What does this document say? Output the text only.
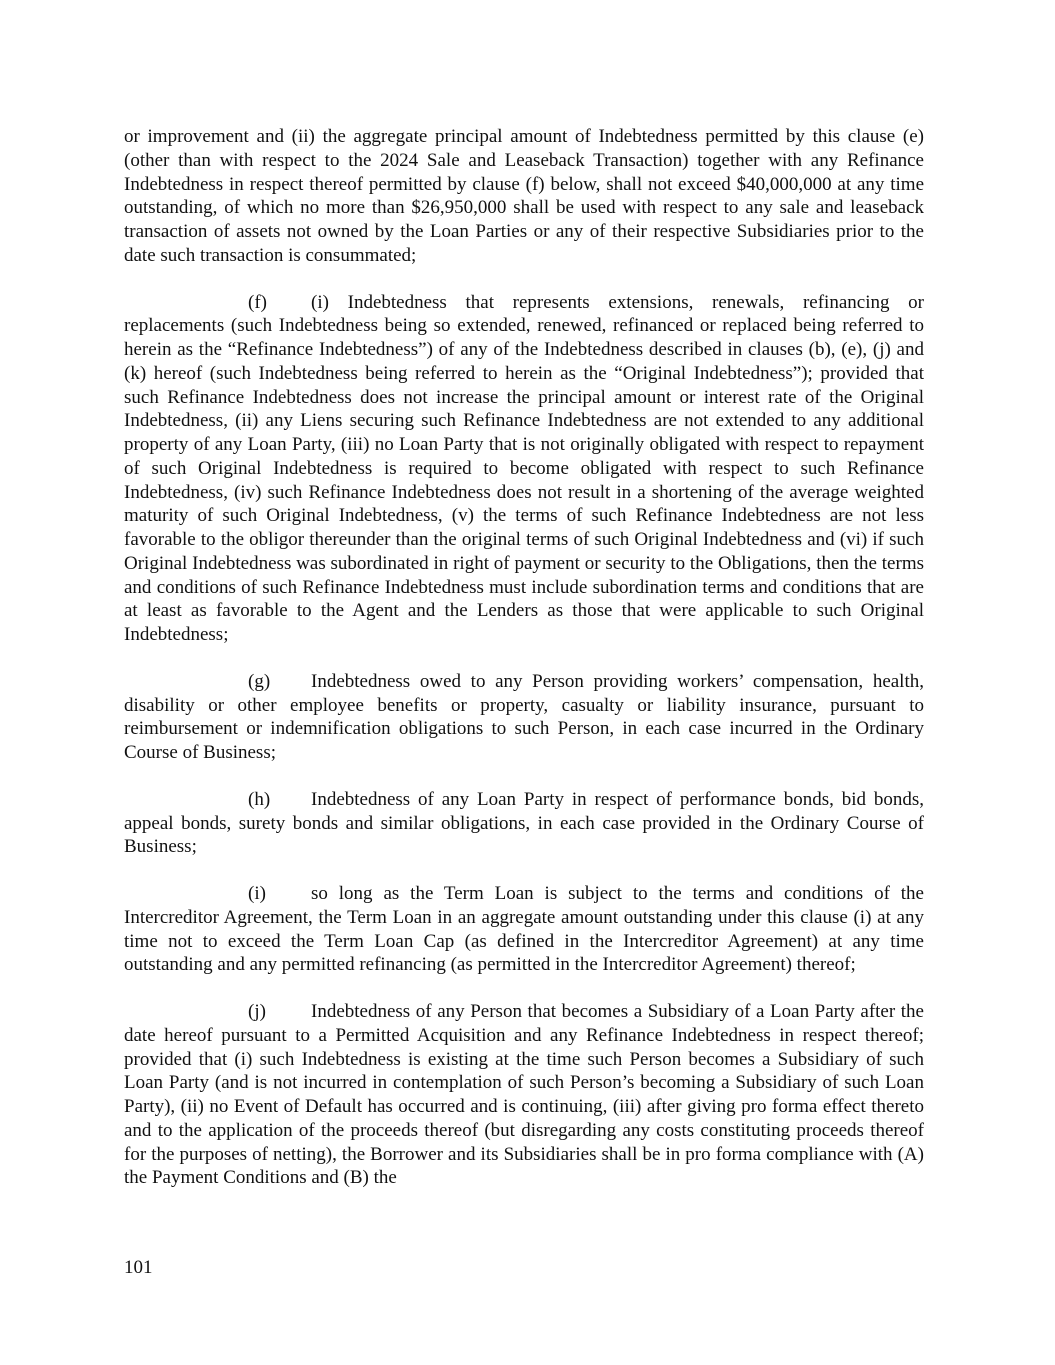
or improvement and (ii) the aggregate principal amount of Indebtedness permitted by this clause (e) (other than with respect to the 2024 Sale and Leaseback Transaction) together with any Refinance Indebtedness in respect thereof permitted by clause (f) below, shall not exceed $40,000,000 at any time outstanding, of which no more than $26,950,000 shall be used with respect to any sale and leaseback transaction of assets not owned by the Loan Parties or any of their respective Subsidiaries prior to the date such transaction is consummated;

(f) (i) Indebtedness that represents extensions, renewals, refinancing or replacements (such Indebtedness being so extended, renewed, refinanced or replaced being referred to herein as the “Refinance Indebtedness”) of any of the Indebtedness described in clauses (b), (e), (j) and (k) hereof (such Indebtedness being referred to herein as the “Original Indebtedness”); provided that such Refinance Indebtedness does not increase the principal amount or interest rate of the Original Indebtedness, (ii) any Liens securing such Refinance Indebtedness are not extended to any additional property of any Loan Party, (iii) no Loan Party that is not originally obligated with respect to repayment of such Original Indebtedness is required to become obligated with respect to such Refinance Indebtedness, (iv) such Refinance Indebtedness does not result in a shortening of the average weighted maturity of such Original Indebtedness, (v) the terms of such Refinance Indebtedness are not less favorable to the obligor thereunder than the original terms of such Original Indebtedness and (vi) if such Original Indebtedness was subordinated in right of payment or security to the Obligations, then the terms and conditions of such Refinance Indebtedness must include subordination terms and conditions that are at least as favorable to the Agent and the Lenders as those that were applicable to such Original Indebtedness;

(g) Indebtedness owed to any Person providing workers’ compensation, health, disability or other employee benefits or property, casualty or liability insurance, pursuant to reimbursement or indemnification obligations to such Person, in each case incurred in the Ordinary Course of Business;

(h) Indebtedness of any Loan Party in respect of performance bonds, bid bonds, appeal bonds, surety bonds and similar obligations, in each case provided in the Ordinary Course of Business;

(i) so long as the Term Loan is subject to the terms and conditions of the Intercreditor Agreement, the Term Loan in an aggregate amount outstanding under this clause (i) at any time not to exceed the Term Loan Cap (as defined in the Intercreditor Agreement) at any time outstanding and any permitted refinancing (as permitted in the Intercreditor Agreement) thereof;

(j) Indebtedness of any Person that becomes a Subsidiary of a Loan Party after the date hereof pursuant to a Permitted Acquisition and any Refinance Indebtedness in respect thereof; provided that (i) such Indebtedness is existing at the time such Person becomes a Subsidiary of such Loan Party (and is not incurred in contemplation of such Person’s becoming a Subsidiary of such Loan Party), (ii) no Event of Default has occurred and is continuing, (iii) after giving pro forma effect thereto and to the application of the proceeds thereof (but disregarding any costs constituting proceeds thereof for the purposes of netting), the Borrower and its Subsidiaries shall be in pro forma compliance with (A) the Payment Conditions and (B) the

101
